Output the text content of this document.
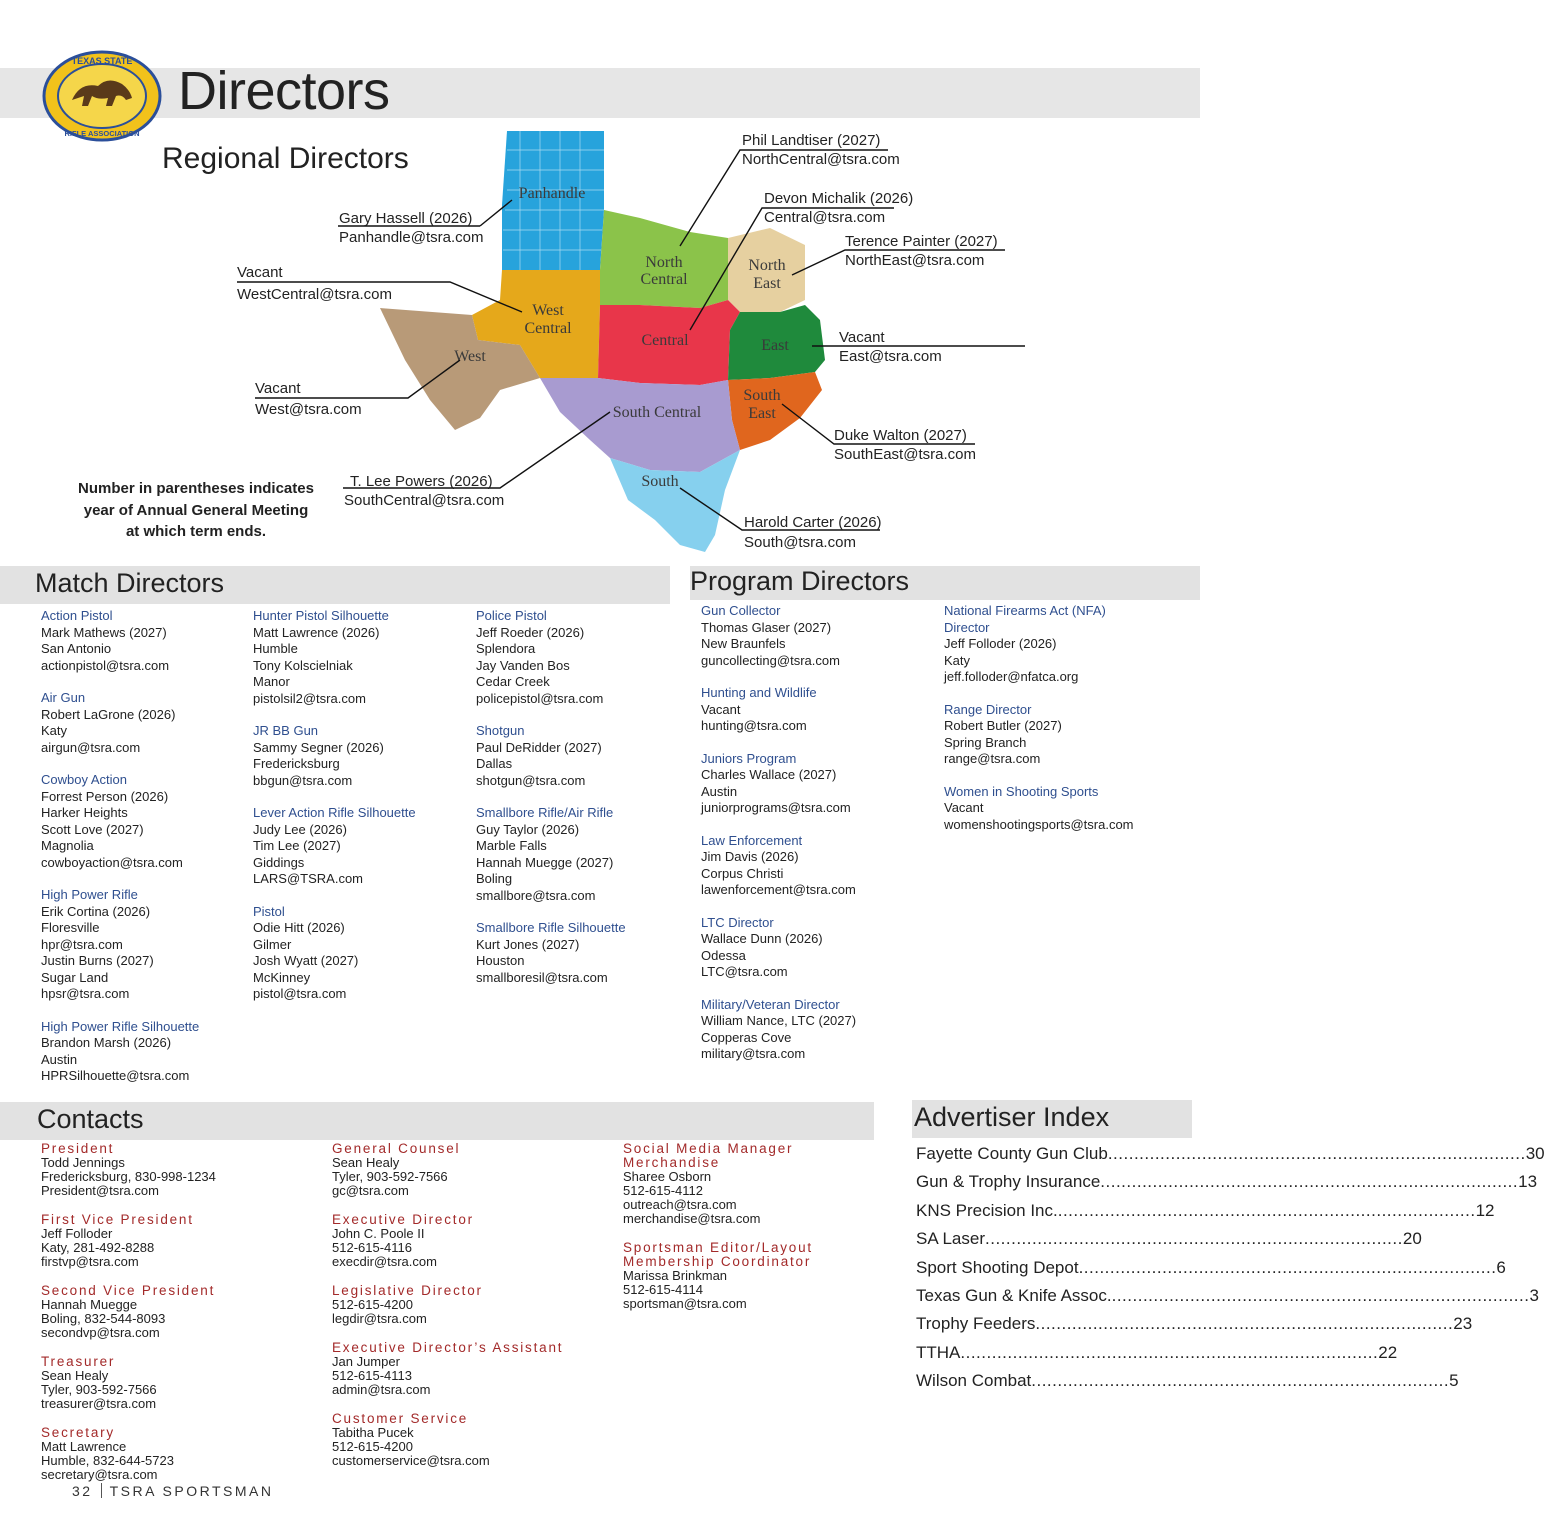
TEXAS STATE
RIFLE ASSOCIATION
Directors
Regional Directors
Panhandle
North
Central
North
East
West
Central
Central	East
West
South
East
South Central
South
Phil Landtiser (2027)
NorthCentral@tsra.com
Devon Michalik (2026)
Central@tsra.com
Terence Painter (2027)
NorthEast@tsra.com
Gary Hassell (2026)
Panhandle@tsra.com
Vacant
WestCentral@tsra.com
Vacant
East@tsra.com
Vacant
West@tsra.com
Duke Walton (2027)
SouthEast@tsra.com
T. Lee Powers (2026)
SouthCentral@tsra.com
Harold Carter (2026)
South@tsra.com
Number in parentheses indicates year of Annual General Meeting at which term ends.
Match Directors
Action Pistol
Mark Mathews (2027)
San Antonio
actionpistol@tsra.com
Air Gun
Robert LaGrone (2026)
Katy
airgun@tsra.com
Cowboy Action
Forrest Person (2026)
Harker Heights
Scott Love (2027)
Magnolia
cowboyaction@tsra.com
High Power Rifle
Erik Cortina (2026)
Floresville
hpr@tsra.com
Justin Burns (2027)
Sugar Land
hpsr@tsra.com
High Power Rifle Silhouette
Brandon Marsh (2026)
Austin
HPRSilhouette@tsra.com
Hunter Pistol Silhouette
Matt Lawrence (2026)
Humble
Tony Kolscielniak
Manor
pistolsil2@tsra.com
JR BB Gun
Sammy Segner (2026)
Fredericksburg
bbgun@tsra.com
Lever Action Rifle Silhouette
Judy Lee (2026)
Tim Lee (2027)
Giddings
LARS@TSRA.com
Pistol
Odie Hitt (2026)
Gilmer
Josh Wyatt (2027)
McKinney
pistol@tsra.com
Police Pistol
Jeff Roeder (2026)
Splendora
Jay Vanden Bos
Cedar Creek
policepistol@tsra.com
Shotgun
Paul DeRidder (2027)
Dallas
shotgun@tsra.com
Smallbore Rifle/Air Rifle
Guy Taylor (2026)
Marble Falls
Hannah Muegge (2027)
Boling
smallbore@tsra.com
Smallbore Rifle Silhouette
Kurt Jones (2027)
Houston
smallboresil@tsra.com
Program Directors
Gun Collector
Thomas Glaser (2027)
New Braunfels
guncollecting@tsra.com
Hunting and Wildlife
Vacant
hunting@tsra.com
Juniors Program
Charles Wallace (2027)
Austin
juniorprograms@tsra.com
Law Enforcement
Jim Davis (2026)
Corpus Christi
lawenforcement@tsra.com
LTC Director
Wallace Dunn (2026)
Odessa
LTC@tsra.com
Military/Veteran Director
William Nance, LTC (2027)
Copperas Cove
military@tsra.com
National Firearms Act (NFA)
Director
Jeff Folloder (2026)
Katy
jeff.folloder@nfatca.org
Range Director
Robert Butler (2027)
Spring Branch
range@tsra.com
Women in Shooting Sports
Vacant
womenshootingsports@tsra.com
Contacts
President
Todd Jennings
Fredericksburg, 830-998-1234
President@tsra.com
First Vice President
Jeff Folloder
Katy, 281-492-8288
firstvp@tsra.com
Second Vice President
Hannah Muegge
Boling, 832-544-8093
secondvp@tsra.com
Treasurer
Sean Healy
Tyler, 903-592-7566
treasurer@tsra.com
Secretary
Matt Lawrence
Humble, 832-644-5723
secretary@tsra.com
General Counsel
Sean Healy
Tyler, 903-592-7566
gc@tsra.com
Executive Director
John C. Poole II
512-615-4116
execdir@tsra.com
Legislative Director
512-615-4200
legdir@tsra.com
Executive Director’s Assistant
Jan Jumper
512-615-4113
admin@tsra.com
Customer Service
Tabitha Pucek
512-615-4200
customerservice@tsra.com
Social Media Manager
Merchandise
Sharee Osborn
512-615-4112
outreach@tsra.com
merchandise@tsra.com
Sportsman Editor/Layout
Membership Coordinator
Marissa Brinkman
512-615-4114
sportsman@tsra.com
Advertiser Index
Fayette County Gun Club ................................................................................ 30
Gun & Trophy Insurance ................................................................................ 13
KNS Precision Inc. ................................................................................ 12
SA Laser ................................................................................ 20
Sport Shooting Depot ................................................................................ 6
Texas Gun & Knife Assoc. ................................................................................ 3
Trophy Feeders ................................................................................ 23
TTHA ................................................................................ 22
Wilson Combat ................................................................................ 5
32 TSRA SPORTSMAN
